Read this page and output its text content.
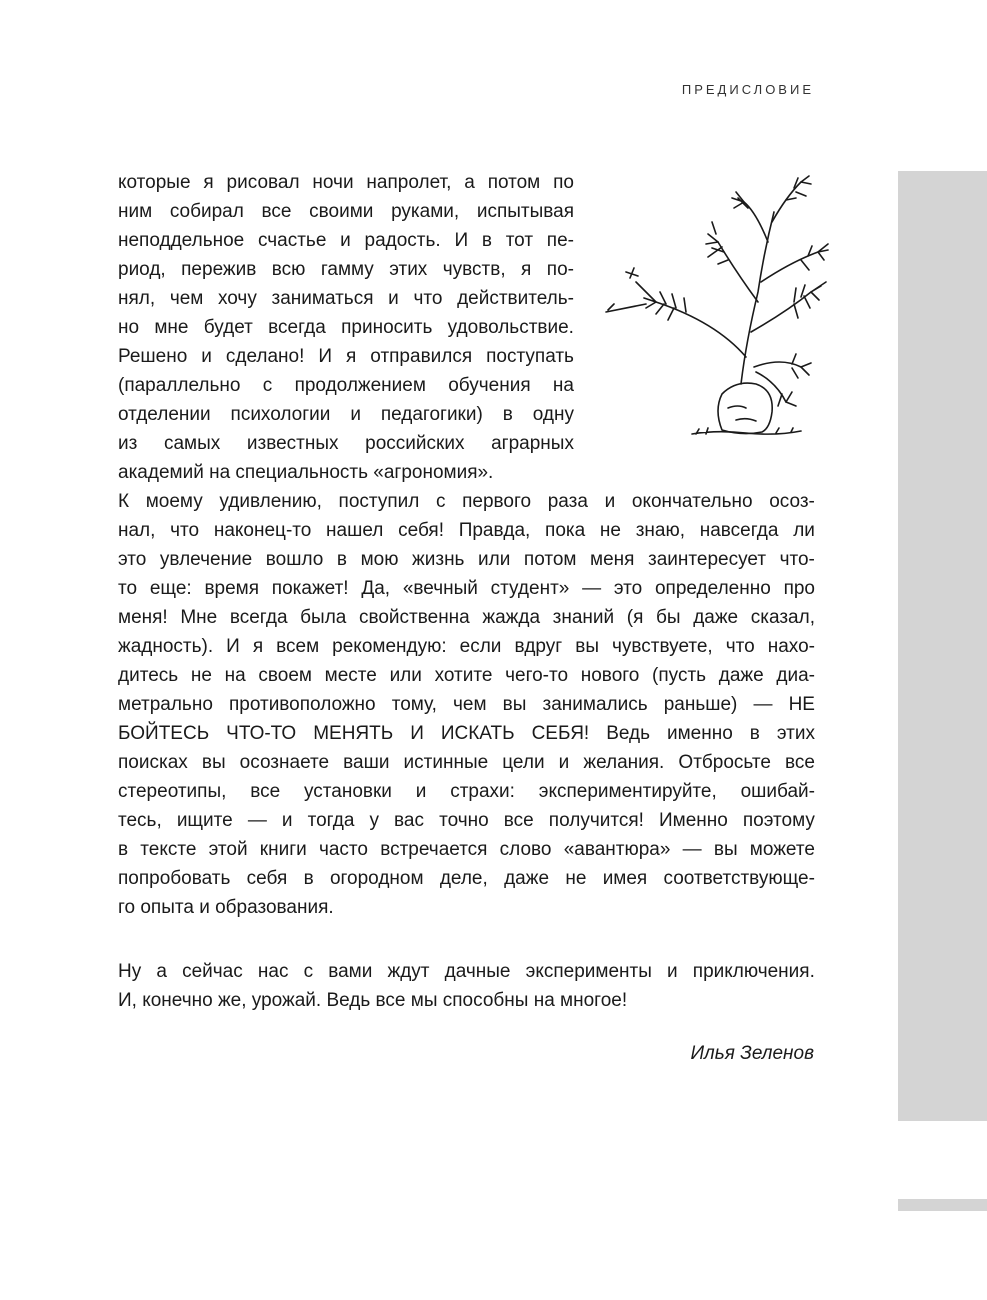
ПРЕДИСЛОВИЕ
которые я рисовал ночи напролет, а потом по
ним собирал все своими руками, испытывая
неподдельное счастье и радость. И в тот пе-
риод, пережив всю гамму этих чувств, я по-
нял, чем хочу заниматься и что действитель-
но мне будет всегда приносить удовольствие.
Решено и сделано! И я отправился поступать
(параллельно с продолжением обучения на
отделении психологии и педагогики) в одну
из самых известных российских аграрных
академий на специальность «агрономия».
К моему удивлению, поступил с первого раза и окончательно осоз-
нал, что наконец-то нашел себя! Правда, пока не знаю, навсегда ли
это увлечение вошло в мою жизнь или потом меня заинтересует что-
то еще: время покажет! Да, «вечный студент» — это определенно про
меня! Мне всегда была свойственна жажда знаний (я бы даже сказал,
жадность). И я всем рекомендую: если вдруг вы чувствуете, что нахо-
дитесь не на своем месте или хотите чего-то нового (пусть даже диа-
метрально противоположно тому, чем вы занимались раньше) — НЕ
БОЙТЕСЬ ЧТО-ТО МЕНЯТЬ И ИСКАТЬ СЕБЯ! Ведь именно в этих
поисках вы осознаете ваши истинные цели и желания. Отбросьте все
стереотипы, все установки и страхи: экспериментируйте, ошибай-
тесь, ищите — и тогда у вас точно все получится! Именно поэтому
в тексте этой книги часто встречается слово «авантюра» — вы можете
попробовать себя в огородном деле, даже не имея соответствующе-
го опыта и образования.
Ну а сейчас нас с вами ждут дачные эксперименты и приключения.
И, конечно же, урожай. Ведь все мы способны на многое!
Илья Зеленов
